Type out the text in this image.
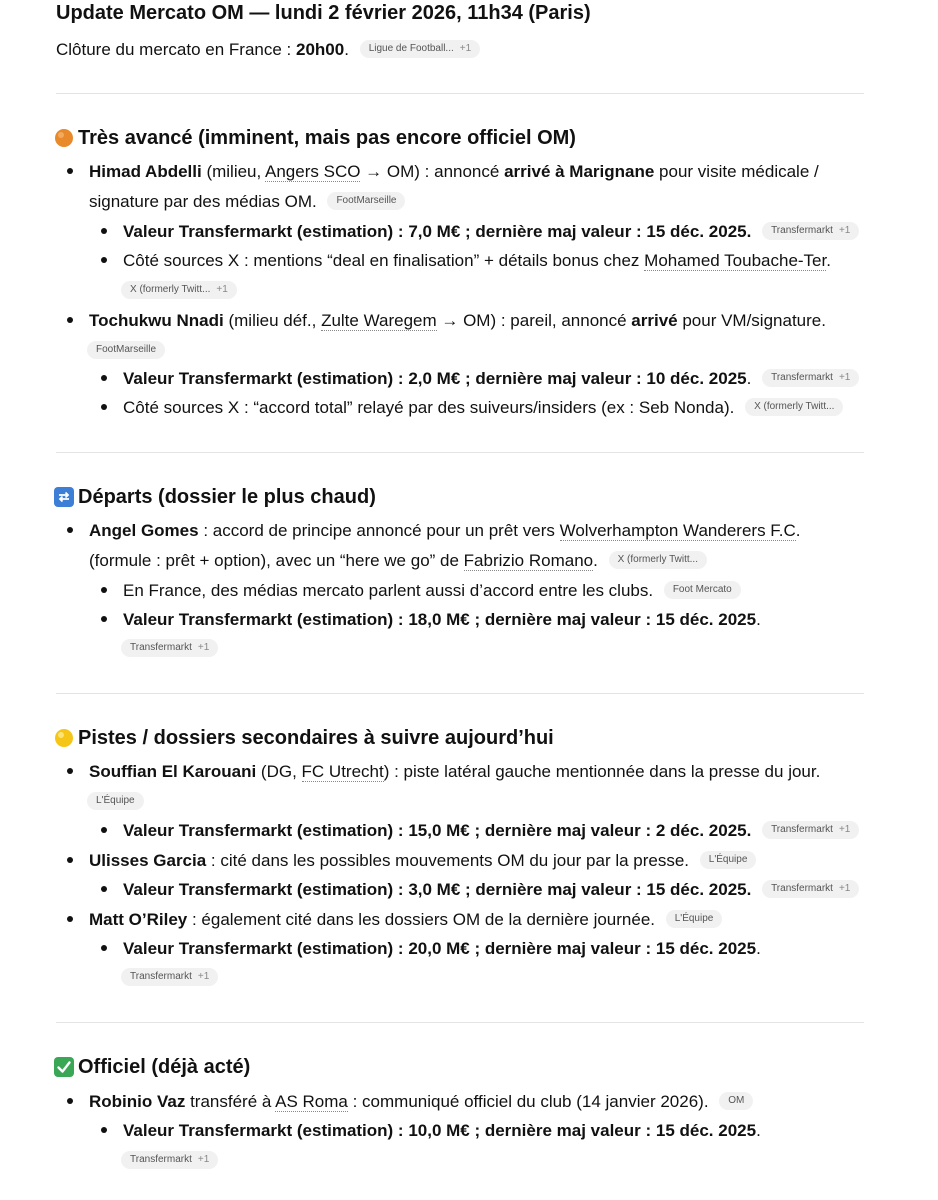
Update Mercato OM — lundi 2 février 2026, 11h34 (Paris)
Clôture du mercato en France : 20h00. Ligue de Football... +1
Très avancé (imminent, mais pas encore officiel OM)
Himad Abdelli (milieu, Angers SCO → OM) : annoncé arrivé à Marignane pour visite médicale /
signature par des médias OM. FootMarseille
Valeur Transfermarkt (estimation) : 7,0 M€ ; dernière maj valeur : 15 déc. 2025. Transfermarkt +1
Côté sources X : mentions “deal en finalisation” + détails bonus chez Mohamed Toubache-Ter.
X (formerly Twitt... +1
Tochukwu Nnadi (milieu déf., Zulte Waregem → OM) : pareil, annoncé arrivé pour VM/signature.
FootMarseille
Valeur Transfermarkt (estimation) : 2,0 M€ ; dernière maj valeur : 10 déc. 2025. Transfermarkt +1
Côté sources X : “accord total” relayé par des suiveurs/insiders (ex : Seb Nonda). X (formerly Twitt...
Départs (dossier le plus chaud)
Angel Gomes : accord de principe annoncé pour un prêt vers Wolverhampton Wanderers F.C.
(formule : prêt + option), avec un “here we go” de Fabrizio Romano. X (formerly Twitt...
En France, des médias mercato parlent aussi d’accord entre les clubs. Foot Mercato
Valeur Transfermarkt (estimation) : 18,0 M€ ; dernière maj valeur : 15 déc. 2025.
Transfermarkt +1
Pistes / dossiers secondaires à suivre aujourd’hui
Souffian El Karouani (DG, FC Utrecht) : piste latéral gauche mentionnée dans la presse du jour.
L'Équipe
Valeur Transfermarkt (estimation) : 15,0 M€ ; dernière maj valeur : 2 déc. 2025. Transfermarkt +1
Ulisses Garcia : cité dans les possibles mouvements OM du jour par la presse. L'Équipe
Valeur Transfermarkt (estimation) : 3,0 M€ ; dernière maj valeur : 15 déc. 2025. Transfermarkt +1
Matt O’Riley : également cité dans les dossiers OM de la dernière journée. L'Équipe
Valeur Transfermarkt (estimation) : 20,0 M€ ; dernière maj valeur : 15 déc. 2025.
Transfermarkt +1
Officiel (déjà acté)
Robinio Vaz transféré à AS Roma : communiqué officiel du club (14 janvier 2026). OM
Valeur Transfermarkt (estimation) : 10,0 M€ ; dernière maj valeur : 15 déc. 2025.
Transfermarkt +1
